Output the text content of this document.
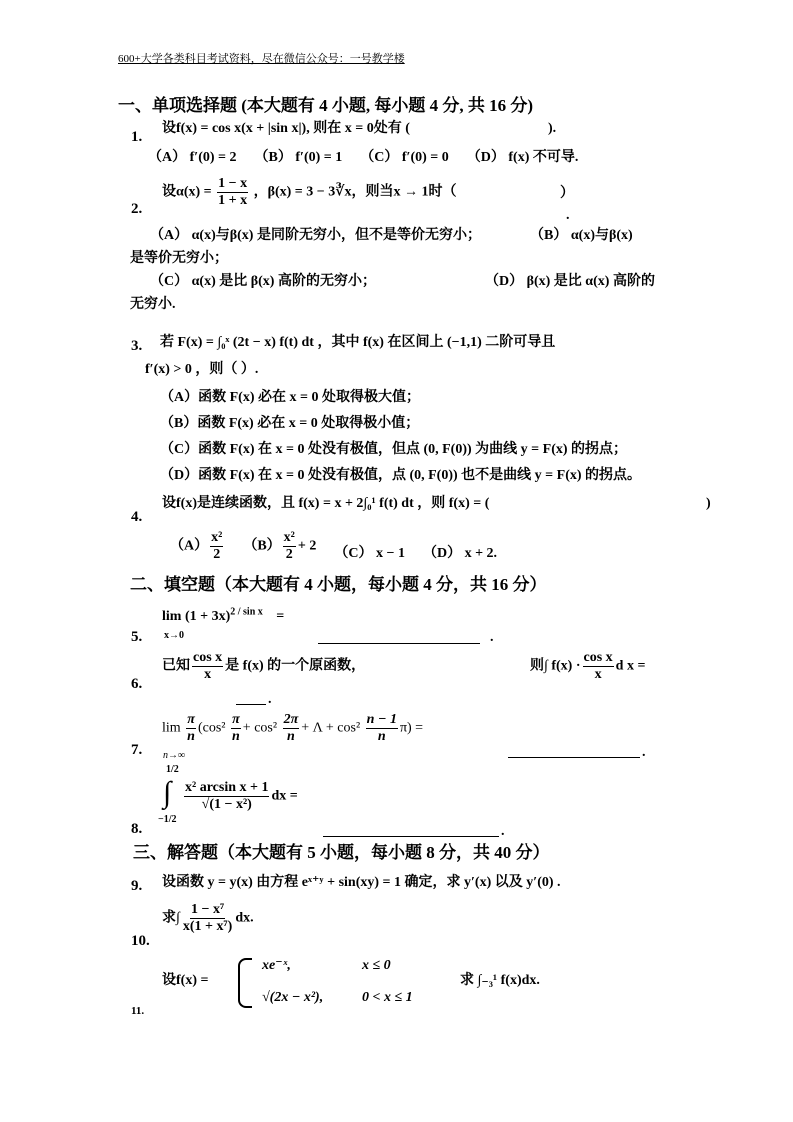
600+大学各类科目考试资料，尽在微信公众号：一号教学楼
一、单项选择题 (本大题有 4 小题, 每小题 4 分, 共 16 分)
1.
设f(x) = cos x(x + |sin x|), 则在 x = 0处有 (	).
（A） f′(0) = 2 （B） f′(0) = 1 （C） f′(0) = 0 （D） f(x) 不可导.
2.
设$\alpha(x) = \frac{1 - x}{1 + x}$ ，β(x) = 3 − 3∛x，则当x → 1时（	）
.
（A） α(x)与β(x) 是同阶无穷小，但不是等价无穷小；	（B） α(x)与β(x)
是等价无穷小；
（C） α(x) 是比 β(x) 高阶的无穷小；	（D） β(x) 是比 α(x) 高阶的
无穷小.
3. 若 F(x) = ∫₀ˣ (2t − x) f(t) dt ，其中 f(x) 在区间上 (−1,1) 二阶可导且
f′(x) > 0 ，则（ ）.
（A）函数 F(x) 必在 x = 0 处取得极大值；
（B）函数 F(x) 必在 x = 0 处取得极小值；
（C）函数 F(x) 在 x = 0 处没有极值，但点 (0, F(0)) 为曲线 y = F(x) 的拐点；
（D）函数 F(x) 在 x = 0 处没有极值，点 (0, F(0)) 也不是曲线 y = F(x) 的拐点。
4.
设f(x)是连续函数，且 f(x) = x + 2∫₀¹ f(t) dt ，则 f(x) = (	)
$(A) \frac{\text{x²}}{2} (B) \frac{\text{x²}}{2} + 2$ （C） x − 1 （D） x + 2.
二、填空题（本大题有 4 小题，每小题 4 分，共 16 分）
5.
$\lim (1 + 3x)^{2 / sin x}$ =
x→0	.
6.
已知 $\frac{\text{cos x}}{x}$ 是 f(x) 的一个原函数，	则∫ $f(x) \cdot \frac{\text{cos x}}{x}$ d x =
.
7.
$\lim \frac{\pi}{n} (\cos^2 \frac{\pi}{n} + \cos^2 \frac{2\pi}{n} + \Lambda + \cos^2 \frac{n - 1}{n} \pi)$ =
n→∞	.
8.
1/2
∫
−1/2
$\frac{\text{x² arcsin x + 1}}{\text{√(1 − x²)}}$ dx =
.
三、解答题（本大题有 5 小题，每小题 8 分，共 40 分）
9. 设函数 y = y(x) 由方程 eˣ⁺ʸ + sin(xy) = 1 确定，求 y′(x) 以及 y′(0) .
10.
求∫ $\frac{\text{1 − x⁷}}{\text{x(1 + x⁷)}}$ dx.
11.
设f(x) =
xe⁻ˣ,	x ≤ 0
√(2x − x²),	0 < x ≤ 1
求 ∫₋₃¹ f(x)dx.
